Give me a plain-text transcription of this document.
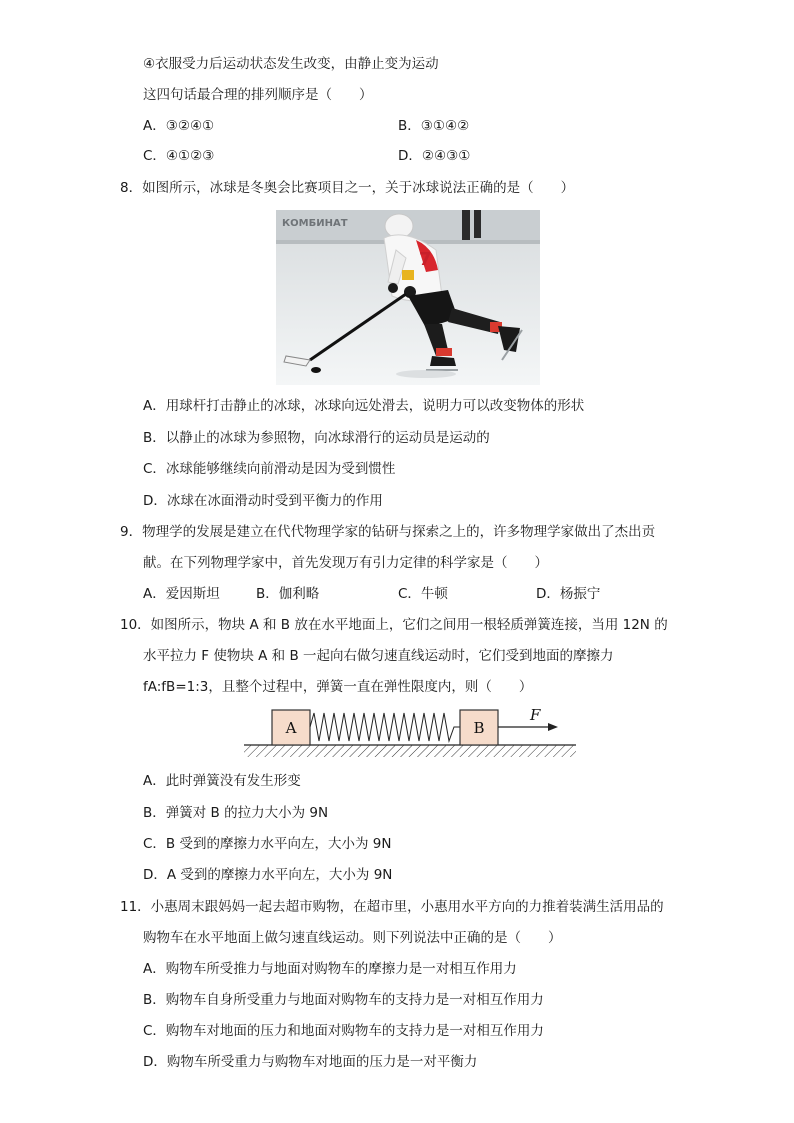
④衣服受力后运动状态发生改变，由静止变为运动
这四句话最合理的排列顺序是（　　）
A．③②④①	B．③①④②
C．④①②③	D．②④③①
8．如图所示，冰球是冬奥会比赛项目之一，关于冰球说法正确的是（　　）
КОМБИНАТ
7
A．用球杆打击静止的冰球，冰球向远处滑去，说明力可以改变物体的形状
B．以静止的冰球为参照物，向冰球滑行的运动员是运动的
C．冰球能够继续向前滑动是因为受到惯性
D．冰球在冰面滑动时受到平衡力的作用
9．物理学的发展是建立在代代物理学家的钻研与探索之上的，许多物理学家做出了杰出贡
献。在下列物理学家中，首先发现万有引力定律的科学家是（　　）
A．爱因斯坦	B．伽利略	C．牛顿	D．杨振宁
10．如图所示，物块 A 和 B 放在水平地面上，它们之间用一根轻质弹簧连接，当用 12N 的
水平拉力 F 使物块 A 和 B 一起向右做匀速直线运动时，它们受到地面的摩擦力
fA:fB=1:3，且整个过程中，弹簧一直在弹性限度内，则（　　）
A	B
F
A．此时弹簧没有发生形变
B．弹簧对 B 的拉力大小为 9N
C．B 受到的摩擦力水平向左，大小为 9N
D．A 受到的摩擦力水平向左，大小为 9N
11．小惠周末跟妈妈一起去超市购物，在超市里，小惠用水平方向的力推着装满生活用品的
购物车在水平地面上做匀速直线运动。则下列说法中正确的是（　　）
A．购物车所受推力与地面对购物车的摩擦力是一对相互作用力
B．购物车自身所受重力与地面对购物车的支持力是一对相互作用力
C．购物车对地面的压力和地面对购物车的支持力是一对相互作用力
D．购物车所受重力与购物车对地面的压力是一对平衡力
